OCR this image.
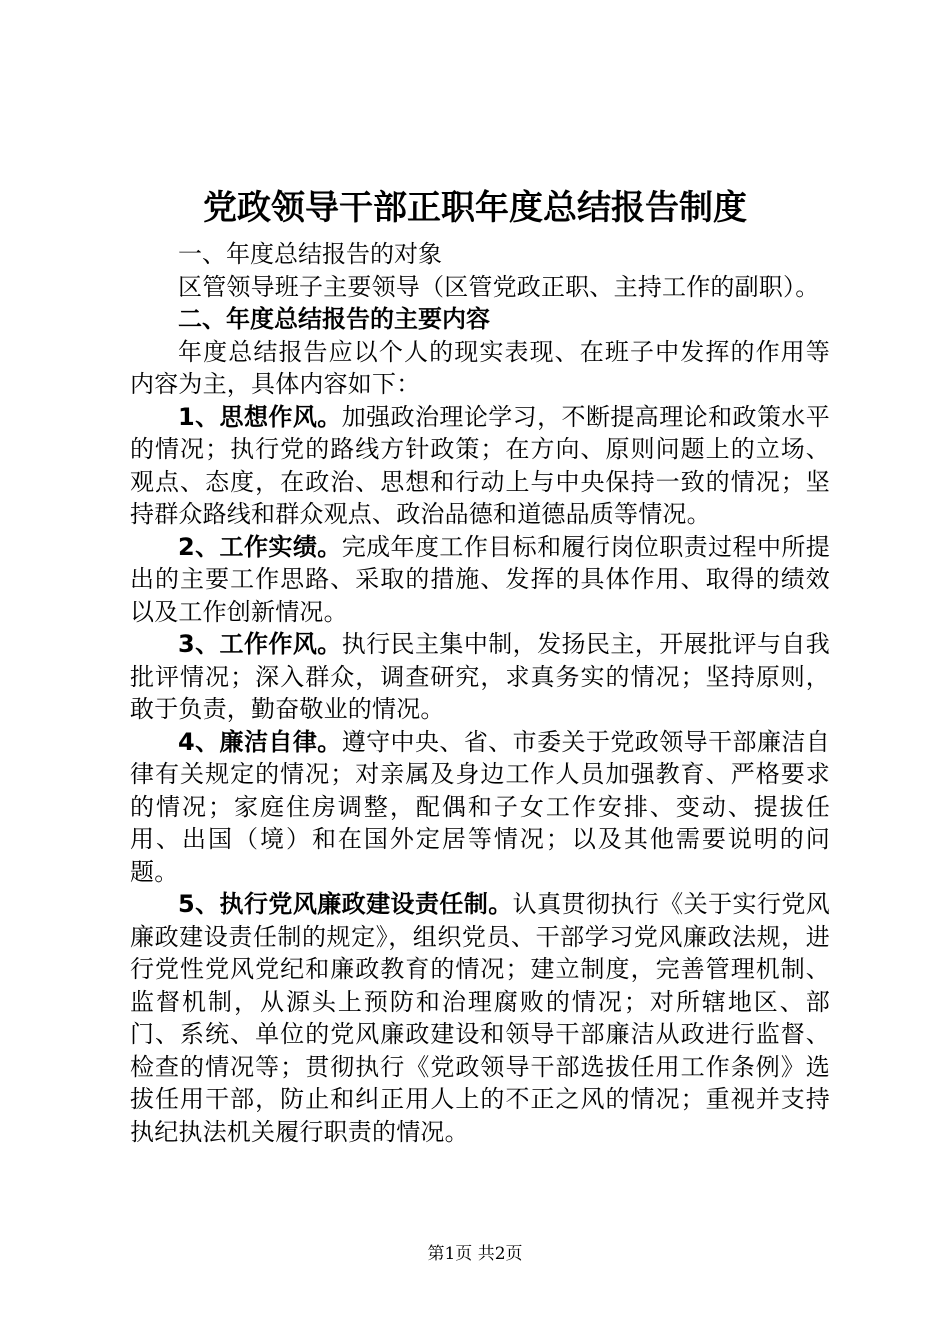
党政领导干部正职年度总结报告制度

一、年度总结报告的对象

区管领导班子主要领导（区管党政正职、主持工作的副职）。

二、年度总结报告的主要内容

年度总结报告应以个人的现实表现、在班子中发挥的作用等内容为主，具体内容如下：

1、思想作风。加强政治理论学习，不断提高理论和政策水平的情况；执行党的路线方针政策；在方向、原则问题上的立场、观点、态度，在政治、思想和行动上与中央保持一致的情况；坚持群众路线和群众观点、政治品德和道德品质等情况。

2、工作实绩。完成年度工作目标和履行岗位职责过程中所提出的主要工作思路、采取的措施、发挥的具体作用、取得的绩效以及工作创新情况。

3、工作作风。执行民主集中制，发扬民主，开展批评与自我批评情况；深入群众，调查研究，求真务实的情况；坚持原则，敢于负责，勤奋敬业的情况。

4、廉洁自律。遵守中央、省、市委关于党政领导干部廉洁自律有关规定的情况；对亲属及身边工作人员加强教育、严格要求的情况；家庭住房调整，配偶和子女工作安排、变动、提拔任用、出国（境）和在国外定居等情况；以及其他需要说明的问题。

5、执行党风廉政建设责任制。认真贯彻执行《关于实行党风廉政建设责任制的规定》，组织党员、干部学习党风廉政法规，进行党性党风党纪和廉政教育的情况；建立制度，完善管理机制、监督机制，从源头上预防和治理腐败的情况；对所辖地区、部门、系统、单位的党风廉政建设和领导干部廉洁从政进行监督、检查的情况等；贯彻执行《党政领导干部选拔任用工作条例》选拔任用干部，防止和纠正用人上的不正之风的情况；重视并支持执纪执法机关履行职责的情况。

第1页 共2页
